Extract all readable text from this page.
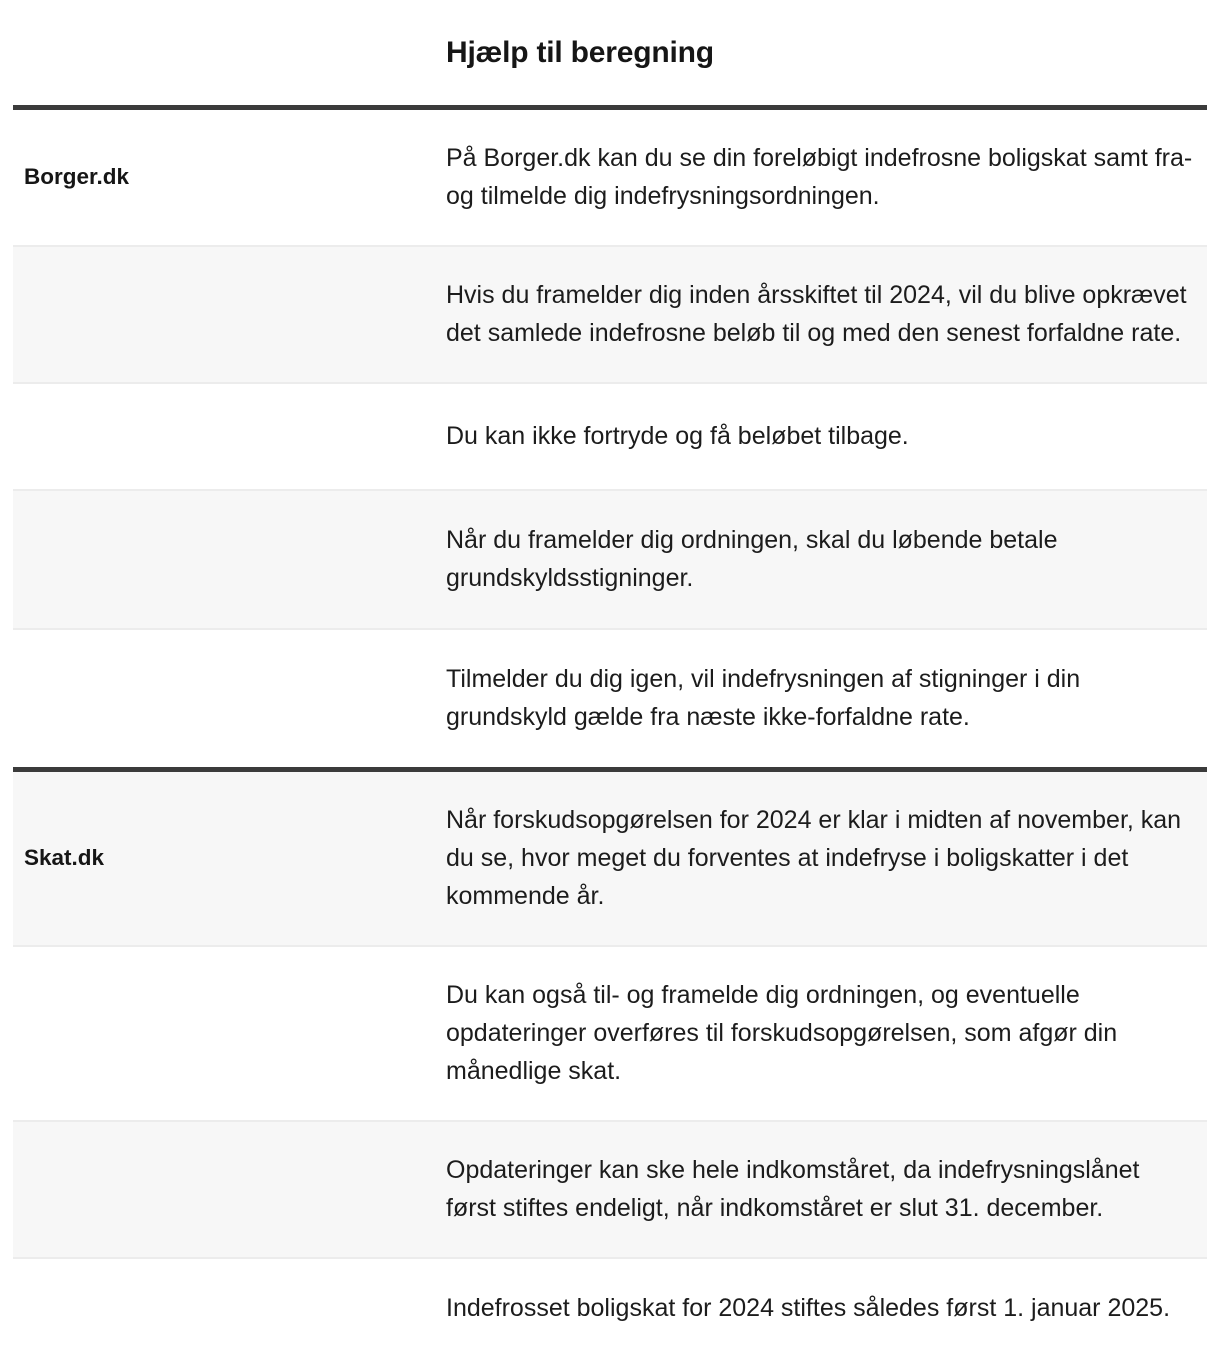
Hjælp til beregning
Borger.dk
På Borger.dk kan du se din foreløbigt indefrosne boligskat samt fra- og tilmelde dig indefrysningsordningen.
Hvis du framelder dig inden årsskiftet til 2024, vil du blive opkrævet det samlede indefrosne beløb til og med den senest forfaldne rate.
Du kan ikke fortryde og få beløbet tilbage.
Når du framelder dig ordningen, skal du løbende betale grundskyldsstigninger.
Tilmelder du dig igen, vil indefrysningen af stigninger i din grundskyld gælde fra næste ikke-forfaldne rate.
Skat.dk
Når forskudsopgørelsen for 2024 er klar i midten af november, kan du se, hvor meget du forventes at indefryse i boligskatter i det kommende år.
Du kan også til- og framelde dig ordningen, og eventuelle opdateringer overføres til forskudsopgørelsen, som afgør din månedlige skat.
Opdateringer kan ske hele indkomståret, da indefrysningslånet først stiftes endeligt, når indkomståret er slut 31. december.
Indefrosset boligskat for 2024 stiftes således først 1. januar 2025.
